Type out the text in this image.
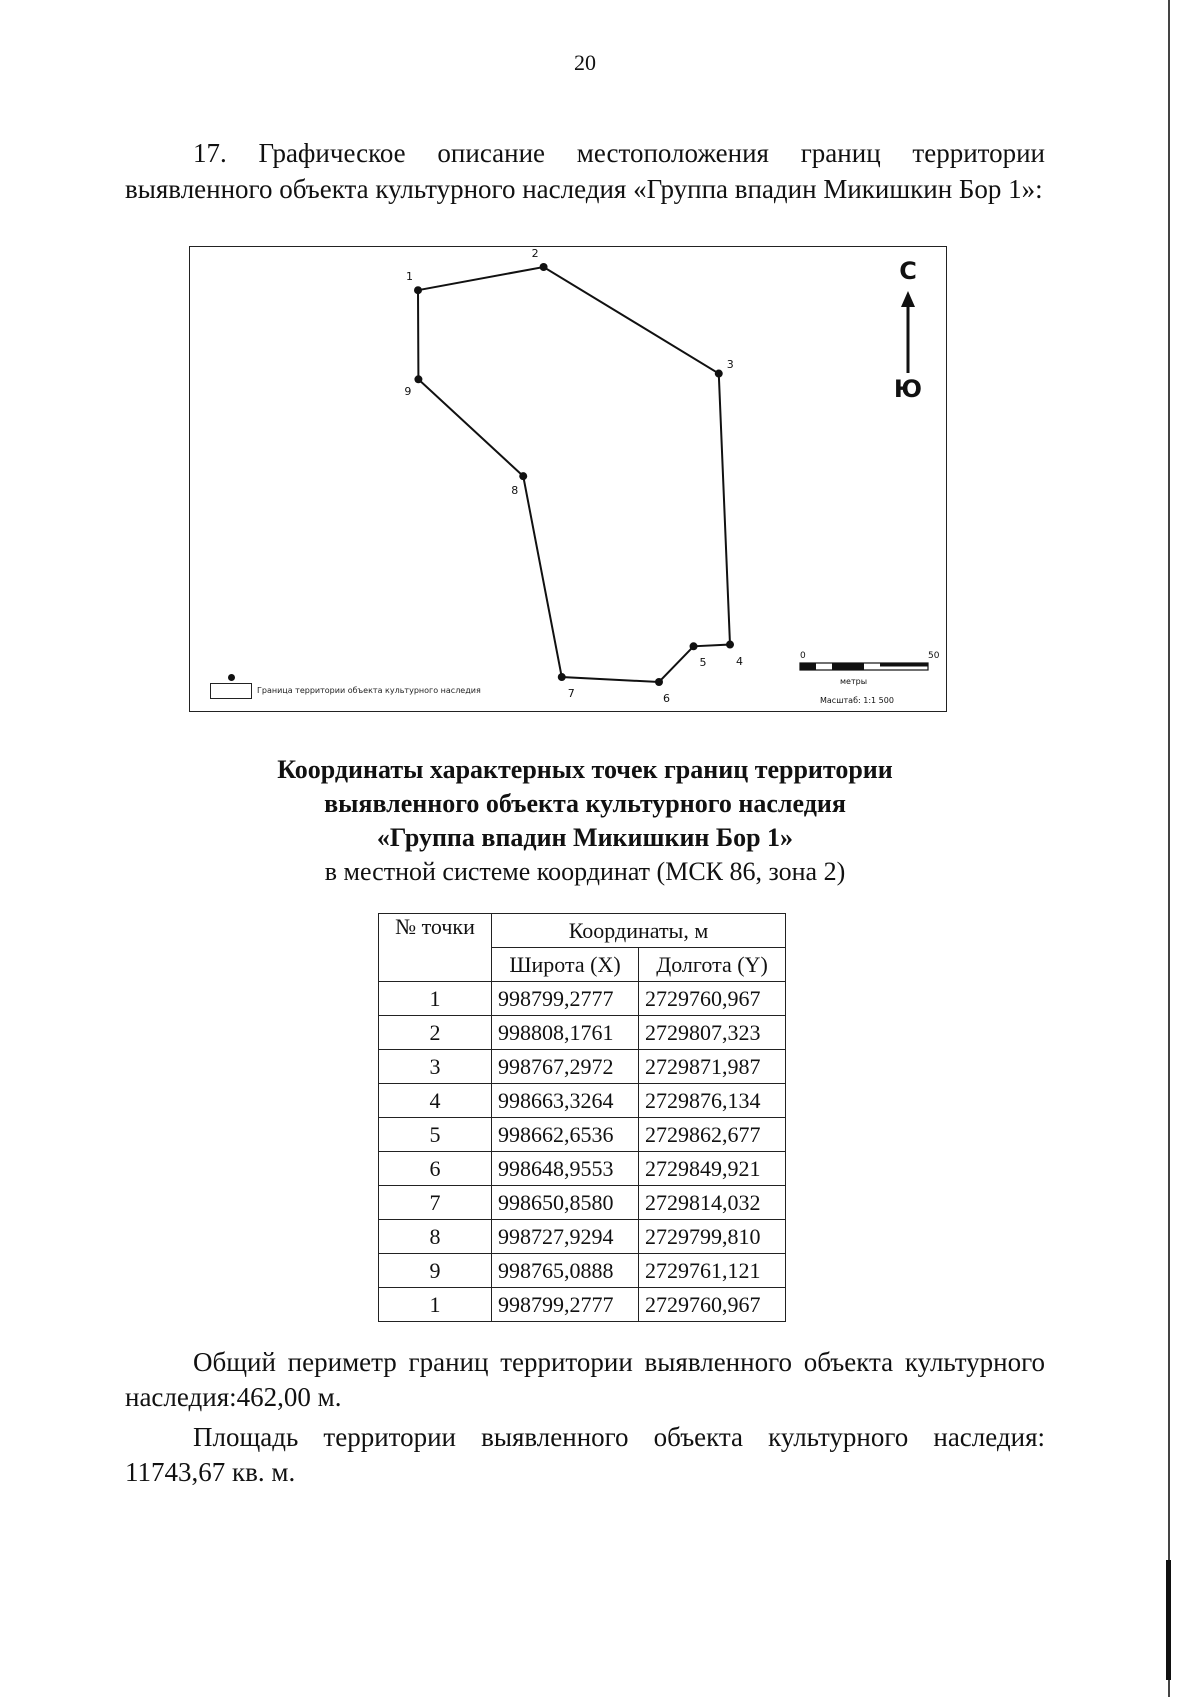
20
17. Графическое описание местоположения границ территории выявленного объекта культурного наследия «Группа впадин Микишкин Бор 1»:
С
Ю
Граница территории объекта культурного наследия
0	50
метры
Масштаб: 1:1 500
1
2
3
4
5
6
7
8
9
Координаты характерных точек границ территории
выявленного объекта культурного наследия
«Группа впадин Микишкин Бор 1»
в местной системе координат (МСК 86, зона 2)
№ точки	Координаты, м	
	Широта (X)	Долгота (Y)
1	998799,2777	2729760,967
2	998808,1761	2729807,323
3	998767,2972	2729871,987
4	998663,3264	2729876,134
5	998662,6536	2729862,677
6	998648,9553	2729849,921
7	998650,8580	2729814,032
8	998727,9294	2729799,810
9	998765,0888	2729761,121
1	998799,2777	2729760,967
Общий периметр границ территории выявленного объекта культурного наследия:462,00 м.
Площадь территории выявленного объекта культурного наследия: 11743,67 кв. м.
